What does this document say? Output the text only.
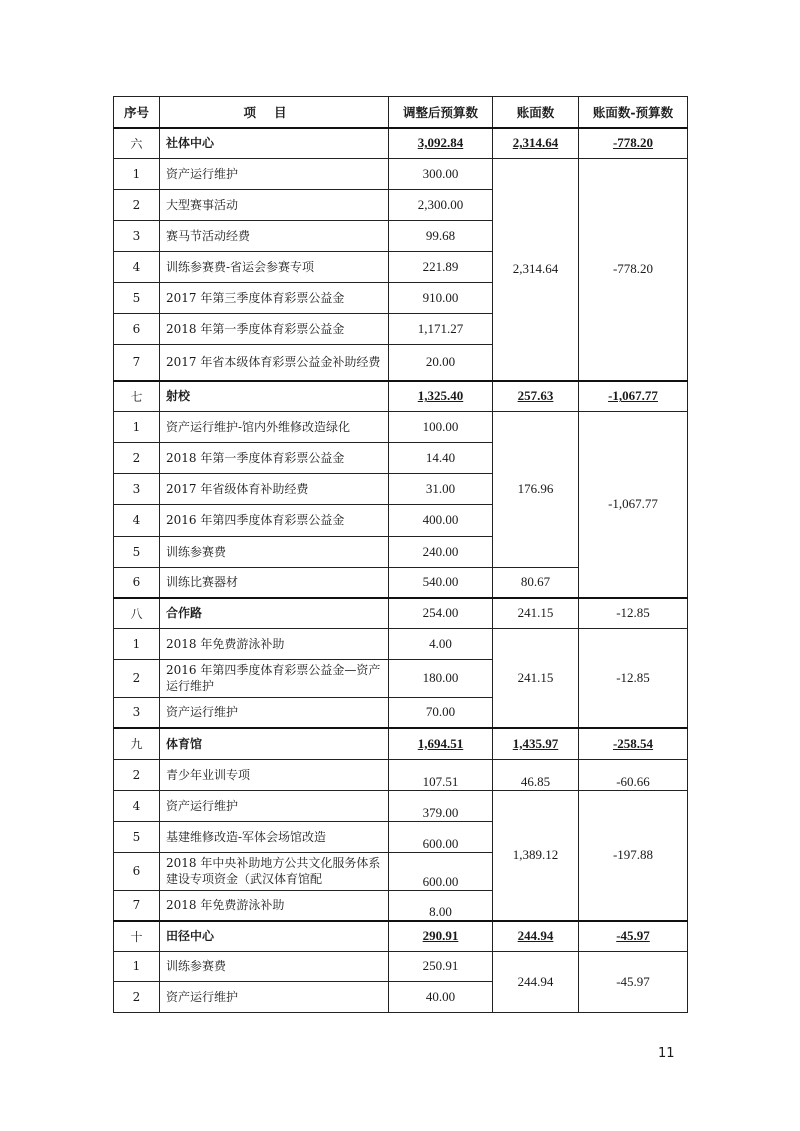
序号	项目	调整后预算数	账面数	账面数-预算数
六	社体中心	3,092.84	2,314.64	-778.20
1	资产运行维护	300.00	2,314.64	-778.20
2	大型赛事活动	2,300.00		
3	赛马节活动经费	99.68		
4	训练参赛费-省运会参赛专项	221.89		
5	2017 年第三季度体育彩票公益金	910.00		
6	2018 年第一季度体育彩票公益金	1,171.27		
7	2017 年省本级体育彩票公益金补助经费	20.00		
七	射校	1,325.40	257.63	-1,067.77
1	资产运行维护-馆内外维修改造绿化	100.00	176.96	-1,067.77
2	2018 年第一季度体育彩票公益金	14.40		
3	2017 年省级体育补助经费	31.00		
4	2016 年第四季度体育彩票公益金	400.00		
5	训练参赛费	240.00		
6	训练比赛器材	540.00	80.67	
八	合作路	254.00	241.15	-12.85
1	2018 年免费游泳补助	4.00	241.15	-12.85
2	2016 年第四季度体育彩票公益金—资产运行维护	180.00		
3	资产运行维护	70.00		
九	体育馆	1,694.51	1,435.97	-258.54
2	青少年业训专项	107.51	46.85	-60.66
4	资产运行维护	379.00	1,389.12	-197.88
5	基建维修改造-军体会场馆改造	600.00		
6	2018 年中央补助地方公共文化服务体系建设专项资金（武汉体育馆配	600.00		
7	2018 年免费游泳补助	8.00		
十	田径中心	290.91	244.94	-45.97
1	训练参赛费	250.91	244.94	-45.97
2	资产运行维护	40.00		
11
